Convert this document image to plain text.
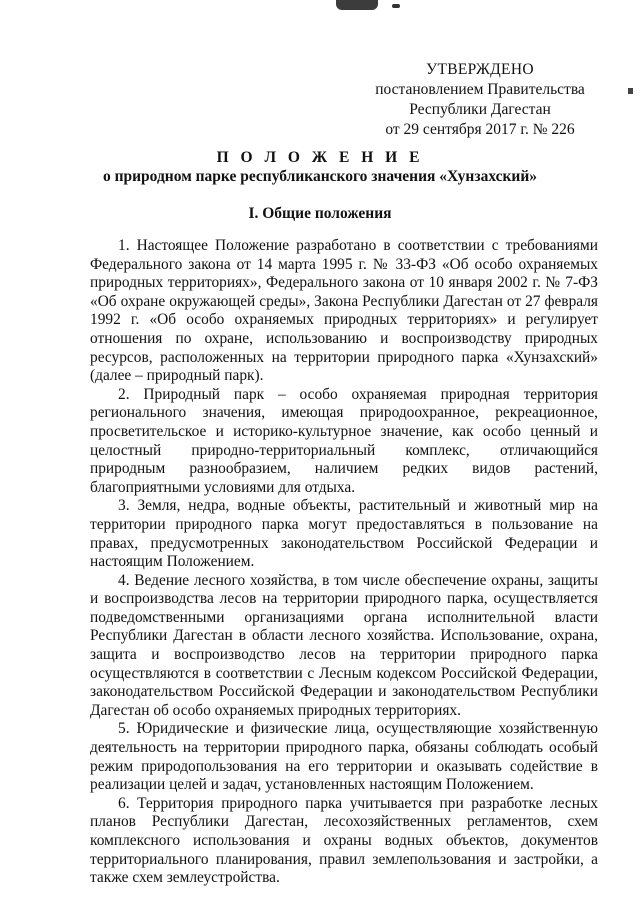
УТВЕРЖДЕНО
постановлением Правительства
Республики Дагестан
от 29 сентября 2017 г. № 226
П О Л О Ж Е Н И Е
о природном парке республиканского значения «Хунзахский»
I. Общие положения

1. Настоящее Положение разработано в соответствии с требованиями Федерального закона от 14 марта 1995 г. № 33-ФЗ «Об особо охраняемых природных территориях», Федерального закона от 10 января 2002 г. № 7-ФЗ «Об охране окружающей среды», Закона Республики Дагестан от 27 февраля 1992 г. «Об особо охраняемых природных территориях» и регулирует отношения по охране, использованию и воспроизводству природных ресурсов, расположенных на территории природного парка «Хунзахский» (далее – природный парк).

2. Природный парк – особо охраняемая природная территория регионального значения, имеющая природоохранное, рекреационное, просветительское и историко-культурное значение, как особо ценный и целостный природно-территориальный комплекс, отличающийся природным разнообразием, наличием редких видов растений, благоприятными условиями для отдыха.

3. Земля, недра, водные объекты, растительный и животный мир на территории природного парка могут предоставляться в пользование на правах, предусмотренных законодательством Российской Федерации и настоящим Положением.

4. Ведение лесного хозяйства, в том числе обеспечение охраны, защиты и воспроизводства лесов на территории природного парка, осуществляется подведомственными организациями органа исполнительной власти Республики Дагестан в области лесного хозяйства. Использование, охрана, защита и воспроизводство лесов на территории природного парка осуществляются в соответствии с Лесным кодексом Российской Федерации, законодательством Российской Федерации и законодательством Республики Дагестан об особо охраняемых природных территориях.

5. Юридические и физические лица, осуществляющие хозяйственную деятельность на территории природного парка, обязаны соблюдать особый режим природопользования на его территории и оказывать содействие в реализации целей и задач, установленных настоящим Положением.

6. Территория природного парка учитывается при разработке лесных планов Республики Дагестан, лесохозяйственных регламентов, схем комплексного использования и охраны водных объектов, документов территориального планирования, правил землепользования и застройки, а также схем землеустройства.
